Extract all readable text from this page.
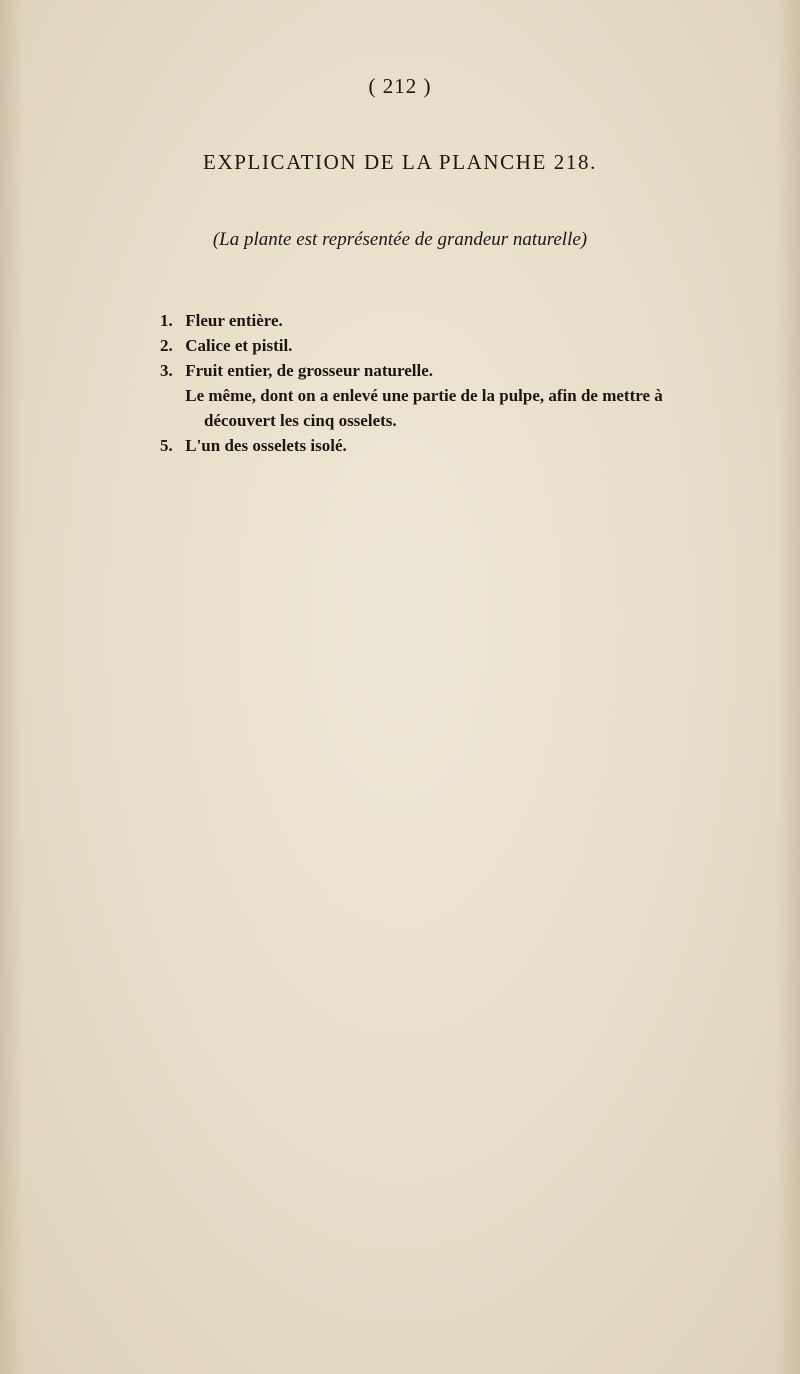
( 212 )
EXPLICATION DE LA PLANCHE 218.
(La plante est représentée de grandeur naturelle)
1. Fleur entière.
2. Calice et pistil.
3. Fruit entier, de grosseur naturelle.
Le même, dont on a enlevé une partie de la pulpe, afin de mettre à
découvert les cinq osselets.
5. L'un des osselets isolé.
